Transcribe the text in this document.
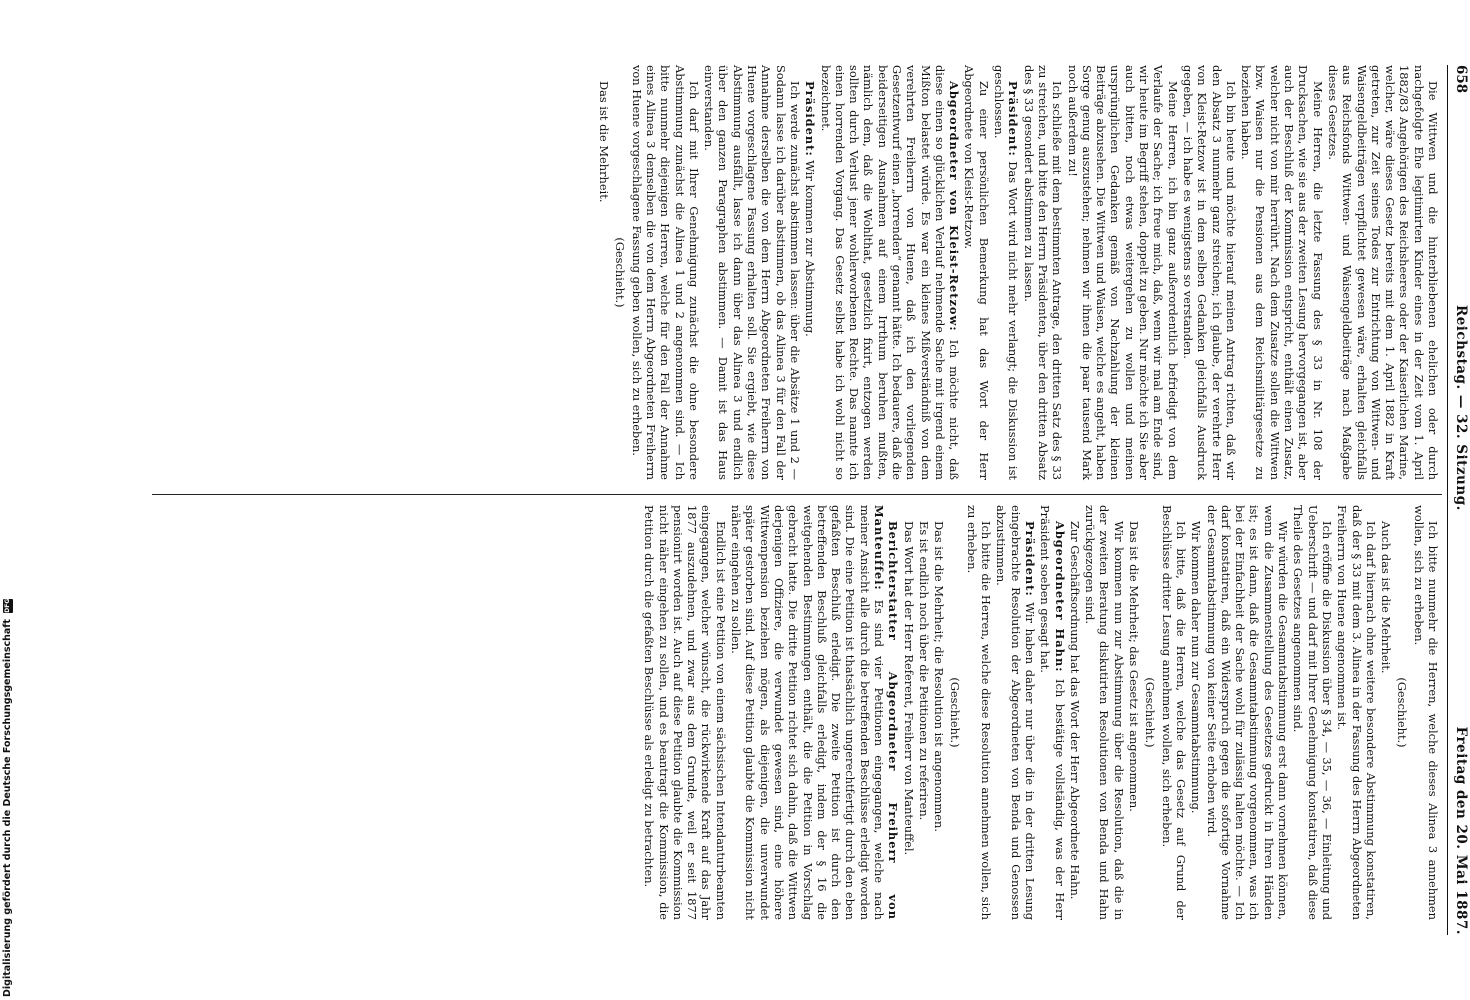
658
Reichstag. — 32. Sitzung.
Freitag den 20. Mai 1887.

Die Wittwen und die hinterbliebenen ehelichen oder durch nachgefolgte Ehe legitimirten Kinder eines in der Zeit vom 1. April 1882/83 Angehörigen des Reichsheeres oder der Kaiserlichen Marine, welcher, wäre dieses Gesetz bereits mit dem 1. April 1882 in Kraft getreten, zur Zeit seines Todes zur Entrichtung von Wittwen- und Waisengeldbeiträgen verpflichtet gewesen wäre, erhalten gleichfalls aus Reichsfonds Wittwen- und Waisengeldbeiträge nach Maßgabe dieses Gesetzes.

Meine Herren, die letzte Fassung des § 33 in Nr. 108 der Drucksachen, wie sie aus der zweiten Lesung hervorgegangen ist, aber auch der Beschluß der Kommission entspricht, enthält einen Zusatz, welcher nicht von mir herrührt. Nach dem Zusatze sollen die Wittwen bzw. Waisen nur die Pensionen aus dem Reichsmilitärgesetze zu beziehen haben.

Ich bin heute und möchte hierauf meinen Antrag richten, daß wir den Absatz 3 nunmehr ganz streichen; ich glaube, der verehrte Herr von Kleist-Retzow ist in dem selben Gedanken gleichfalls Ausdruck gegeben, — ich habe es wenigstens so verstanden.

Meine Herren, ich bin ganz außerordentlich befriedigt von dem Verlaufe der Sache; ich freue mich, daß, wenn wir mal am Ende sind, wir heute im Begriff stehen, doppelt zu geben. Nur möchte ich Sie aber auch bitten, noch etwas weitergehen zu wollen und meinen ursprünglichen Gedanken gemäß von Nachzahlung der kleinen Beiträge abzusehen. Die Wittwen und Waisen, welche es angeht, haben Sorge genug auszustehen; nehmen wir ihnen die paar tausend Mark noch außerdem zu!

Ich schließe mit dem bestimmten Antrage, den dritten Satz des § 33 zu streichen, und bitte den Herrn Präsidenten, über den dritten Absatz des § 33 gesondert abstimmen zu lassen.

Präsident: Das Wort wird nicht mehr verlangt; die Diskussion ist geschlossen.

Zu einer persönlichen Bemerkung hat das Wort der Herr Abgeordnete von Kleist-Retzow.

Abgeordneter von Kleist-Retzow: Ich möchte nicht, daß diese einen so glücklichen Verlauf nehmende Sache mit irgend einem Mißton belastet würde. Es war ein kleines Mißverständniß von dem verehrten Freiherrn von Huene, daß ich den vorliegenden Gesetzentwurf einen „horrenden“ genannt hätte. Ich bedauere, daß die beiderseitigen Ausnahmen auf einem Irrthum beruhen mußten, nämlich dem, daß die Wohlthat, gesetzlich fixirt, entzogen werden sollten durch Verlust jener wohlerworbenen Rechte. Das nannte ich einen horrenden Vorgang. Das Gesetz selbst habe ich wohl nicht so bezeichnet.

Präsident: Wir kommen zur Abstimmung.

Ich werde zunächst abstimmen lassen: über die Absätze 1 und 2 — Sodann lasse ich darüber abstimmen, ob das Alinea 3 für den Fall der Annahme derselben die von dem Herrn Abgeordneten Freiherrn von Huene vorgeschlagene Fassung erhalten soll. Sie ergiebt, wie diese Abstimmung ausfällt, lasse ich dann über das Alinea 3 und endlich über den ganzen Paragraphen abstimmen. — Damit ist das Haus einverstanden.

Ich darf mit Ihrer Genehmigung zunächst die ohne besondere Abstimmung zunächst die Alinea 1 und 2 angenommen sind. — Ich bitte nunmehr diejenigen Herren, welche für den Fall der Annahme eines Alinea 3 demselben die von dem Herrn Abgeordneten Freiherrn von Huene vorgeschlagene Fassung geben wollen, sich zu erheben.

(Geschieht.)

Das ist die Mehrheit.

Ich bitte nunmehr die Herren, welche dieses Alinea 3 annehmen wollen, sich zu erheben.

(Geschieht.)

Auch das ist die Mehrheit.

Ich darf hiernach ohne weitere besondere Abstimmung konstatiren, daß der § 33 mit dem 3. Alinea in der Fassung des Herrn Abgeordneten Freiherrn von Huene angenommen ist.

Ich eröffne die Diskussion über § 34, — 35, — 36, — Einleitung und Ueberschrift — und darf mit Ihrer Genehmigung konstatiren, daß diese Theile des Gesetzes angenommen sind.

Wir würden die Gesammtabstimmung erst dann vornehmen können, wenn die Zusammenstellung des Gesetzes gedruckt in Ihren Händen ist; es ist dann, daß die Gesammtabstimmung vorgenommen, was ich bei der Einfachheit der Sache wohl für zulässig halten möchte. — Ich darf konstatiren, daß ein Widerspruch gegen die sofortige Vornahme der Gesammtabstimmung von keiner Seite erhoben wird.

Wir kommen daher nun zur Gesammtabstimmung.

Ich bitte, daß die Herren, welche das Gesetz auf Grund der Beschlüsse dritter Lesung annehmen wollen, sich erheben.

(Geschieht.)

Das ist die Mehrheit; das Gesetz ist angenommen.

Wir kommen nun zur Abstimmung über die Resolution, daß die in der zweiten Beratung diskutirten Resolutionen von Benda und Hahn zurückgezogen sind.

Zur Geschäftsordnung hat das Wort der Herr Abgeordnete Hahn.

Abgeordneter Hahn: Ich bestätige vollständig, was der Herr Präsident soeben gesagt hat.

Präsident: Wir haben daher nur über die in der dritten Lesung eingebrachte Resolution der Abgeordneten von Benda und Genossen abzustimmen.

Ich bitte die Herren, welche diese Resolution annehmen wollen, sich zu erheben.

(Geschieht.)

Das ist die Mehrheit; die Resolution ist angenommen.

Es ist endlich noch über die Petitionen zu referiren.

Das Wort hat der Herr Referent, Freiherr von Manteuffel.

Berichterstatter Abgeordneter Freiherr von Manteuffel: Es sind vier Petitionen eingegangen, welche nach meiner Ansicht alle durch die betreffenden Beschlüsse erledigt worden sind. Die eine Petition ist thatsächlich ungerechtfertigt durch den eben gefaßten Beschluß erledigt. Die zweite Petition ist durch den betreffenden Beschluß gleichfalls erledigt, indem der § 16 die weitgehenden Bestimmungen enthält, die die Petition in Vorschlag gebracht hatte. Die dritte Petition richtet sich dahin, daß die Wittwen derjenigen Offiziere, die verwundet gewesen sind, eine höhere Wittwenpension beziehen mögen, als diejenigen, die unverwundet später gestorben sind. Auf diese Petition glaubte die Kommission nicht näher eingehen zu sollen.

Endlich ist eine Petition von einem sächsischen Intendanturbeamten eingegangen, welcher wünscht, die rückwirkende Kraft auf das Jahr 1877 auszudehnen, und zwar aus dem Grunde, weil er seit 1877 pensionirt worden ist. Auch auf diese Petition glaubte die Kommission nicht näher eingehen zu sollen, und es beantragt die Kommission, die Petition durch die gefaßten Beschlüsse als erledigt zu betrachten.

Digitalisierung gefördert durch die Deutsche Forschungsgemeinschaft DFG
